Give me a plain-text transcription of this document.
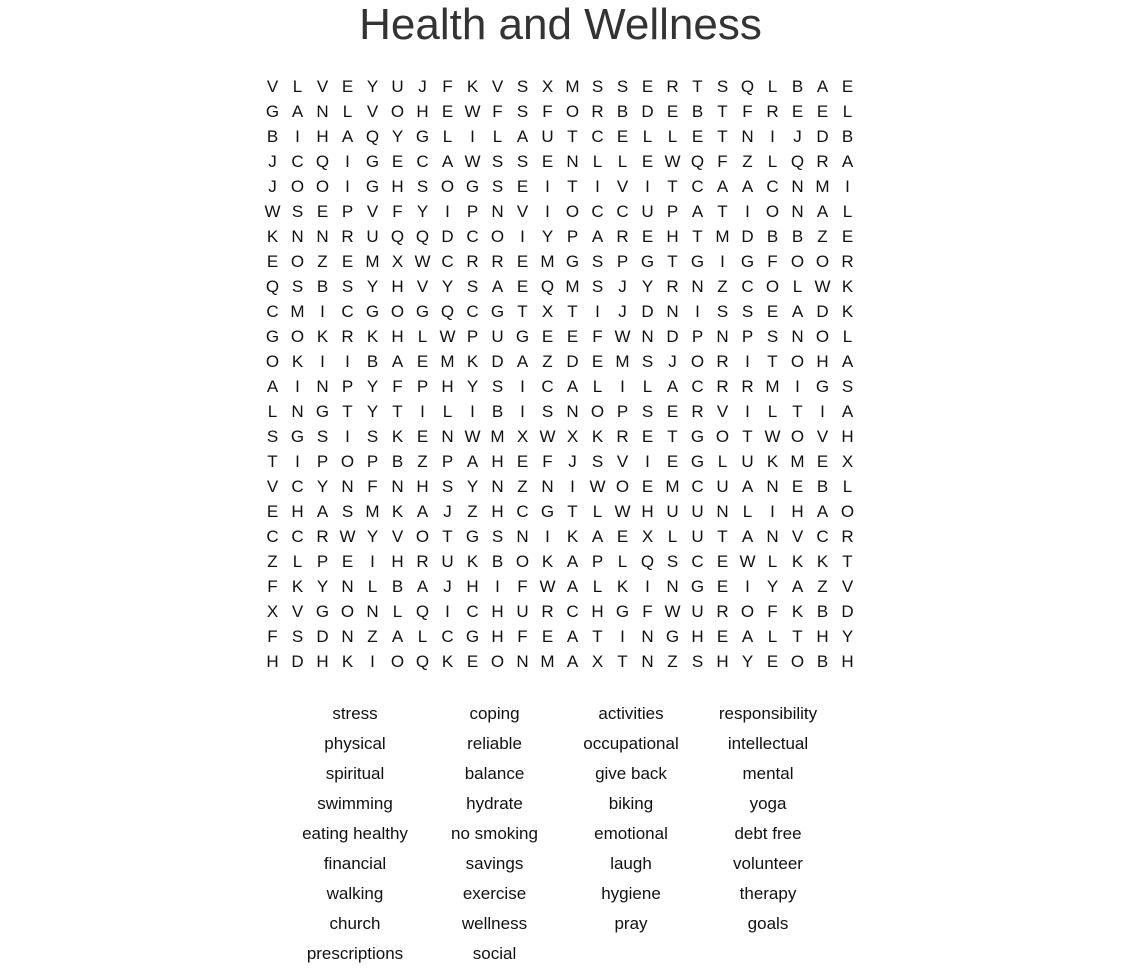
Health and Wellness
V L V E Y U J F K V S X M S S E R T S Q L B A E
G A N L V O H E W F S F O R B D E B T F R E E L
B I H A Q Y G L	I	L A U T C E L L E T N I	J D B
J C Q I G E C A W S S E N L L E W Q F Z L Q R A
J O O I G H S O G S E I	T	I V I	T C A A C N M I
W S E P V F Y I P N V I O C C U P A T	I O N A L
K N N R U Q Q D C O I Y P A R E H T M D B B Z E
E O Z E M X W C R R E M G S P G T G I G F O O R
Q S B S Y H V Y S A E Q M S J Y R N Z C O L W K
C M I C G O G Q C G T X T	I	J D N I S S E A D K
G O K R K H L W P U G E E F W N D P N P S N O L
O K I	I B A E M K D A Z D E M S J O R I	T O H A
A I N P Y F P H Y S I C A L	I	L A C R R M I G S
L N G T Y T	I	L	I B I S N O P S E R V I	L T	I A
S G S I S K E N W M X W X K R E T G O T W O V H
T	I P O P B Z P A H E F J S V I E G L U K M E X
V C Y N F N H S Y N Z N I W O E M C U A N E B L
E H A S M K A J Z H C G T L W H U U N L	I H A O
C C R W Y V O T G S N I K A E X L U T A N V C R
Z L P E I H R U K B O K A P L Q S C E W L K K T
F K Y N L B A J H I	F W A L K I N G E I Y A Z V
X V G O N L Q I C H U R C H G F W U R O F K B D
F S D N Z A L C G H F E A T	I N G H E A L T H Y
H D H K I O Q K E O N M A X T N Z S H Y E O B H
stress	coping	activities	responsibility
physical	reliable	occupational	intellectual
spiritual	balance	give back	mental
swimming	hydrate	biking	yoga
eating healthy	no smoking	emotional	debt free
financial	savings	laugh	volunteer
walking	exercise	hygiene	therapy
church	wellness	pray	goals
prescriptions	social
